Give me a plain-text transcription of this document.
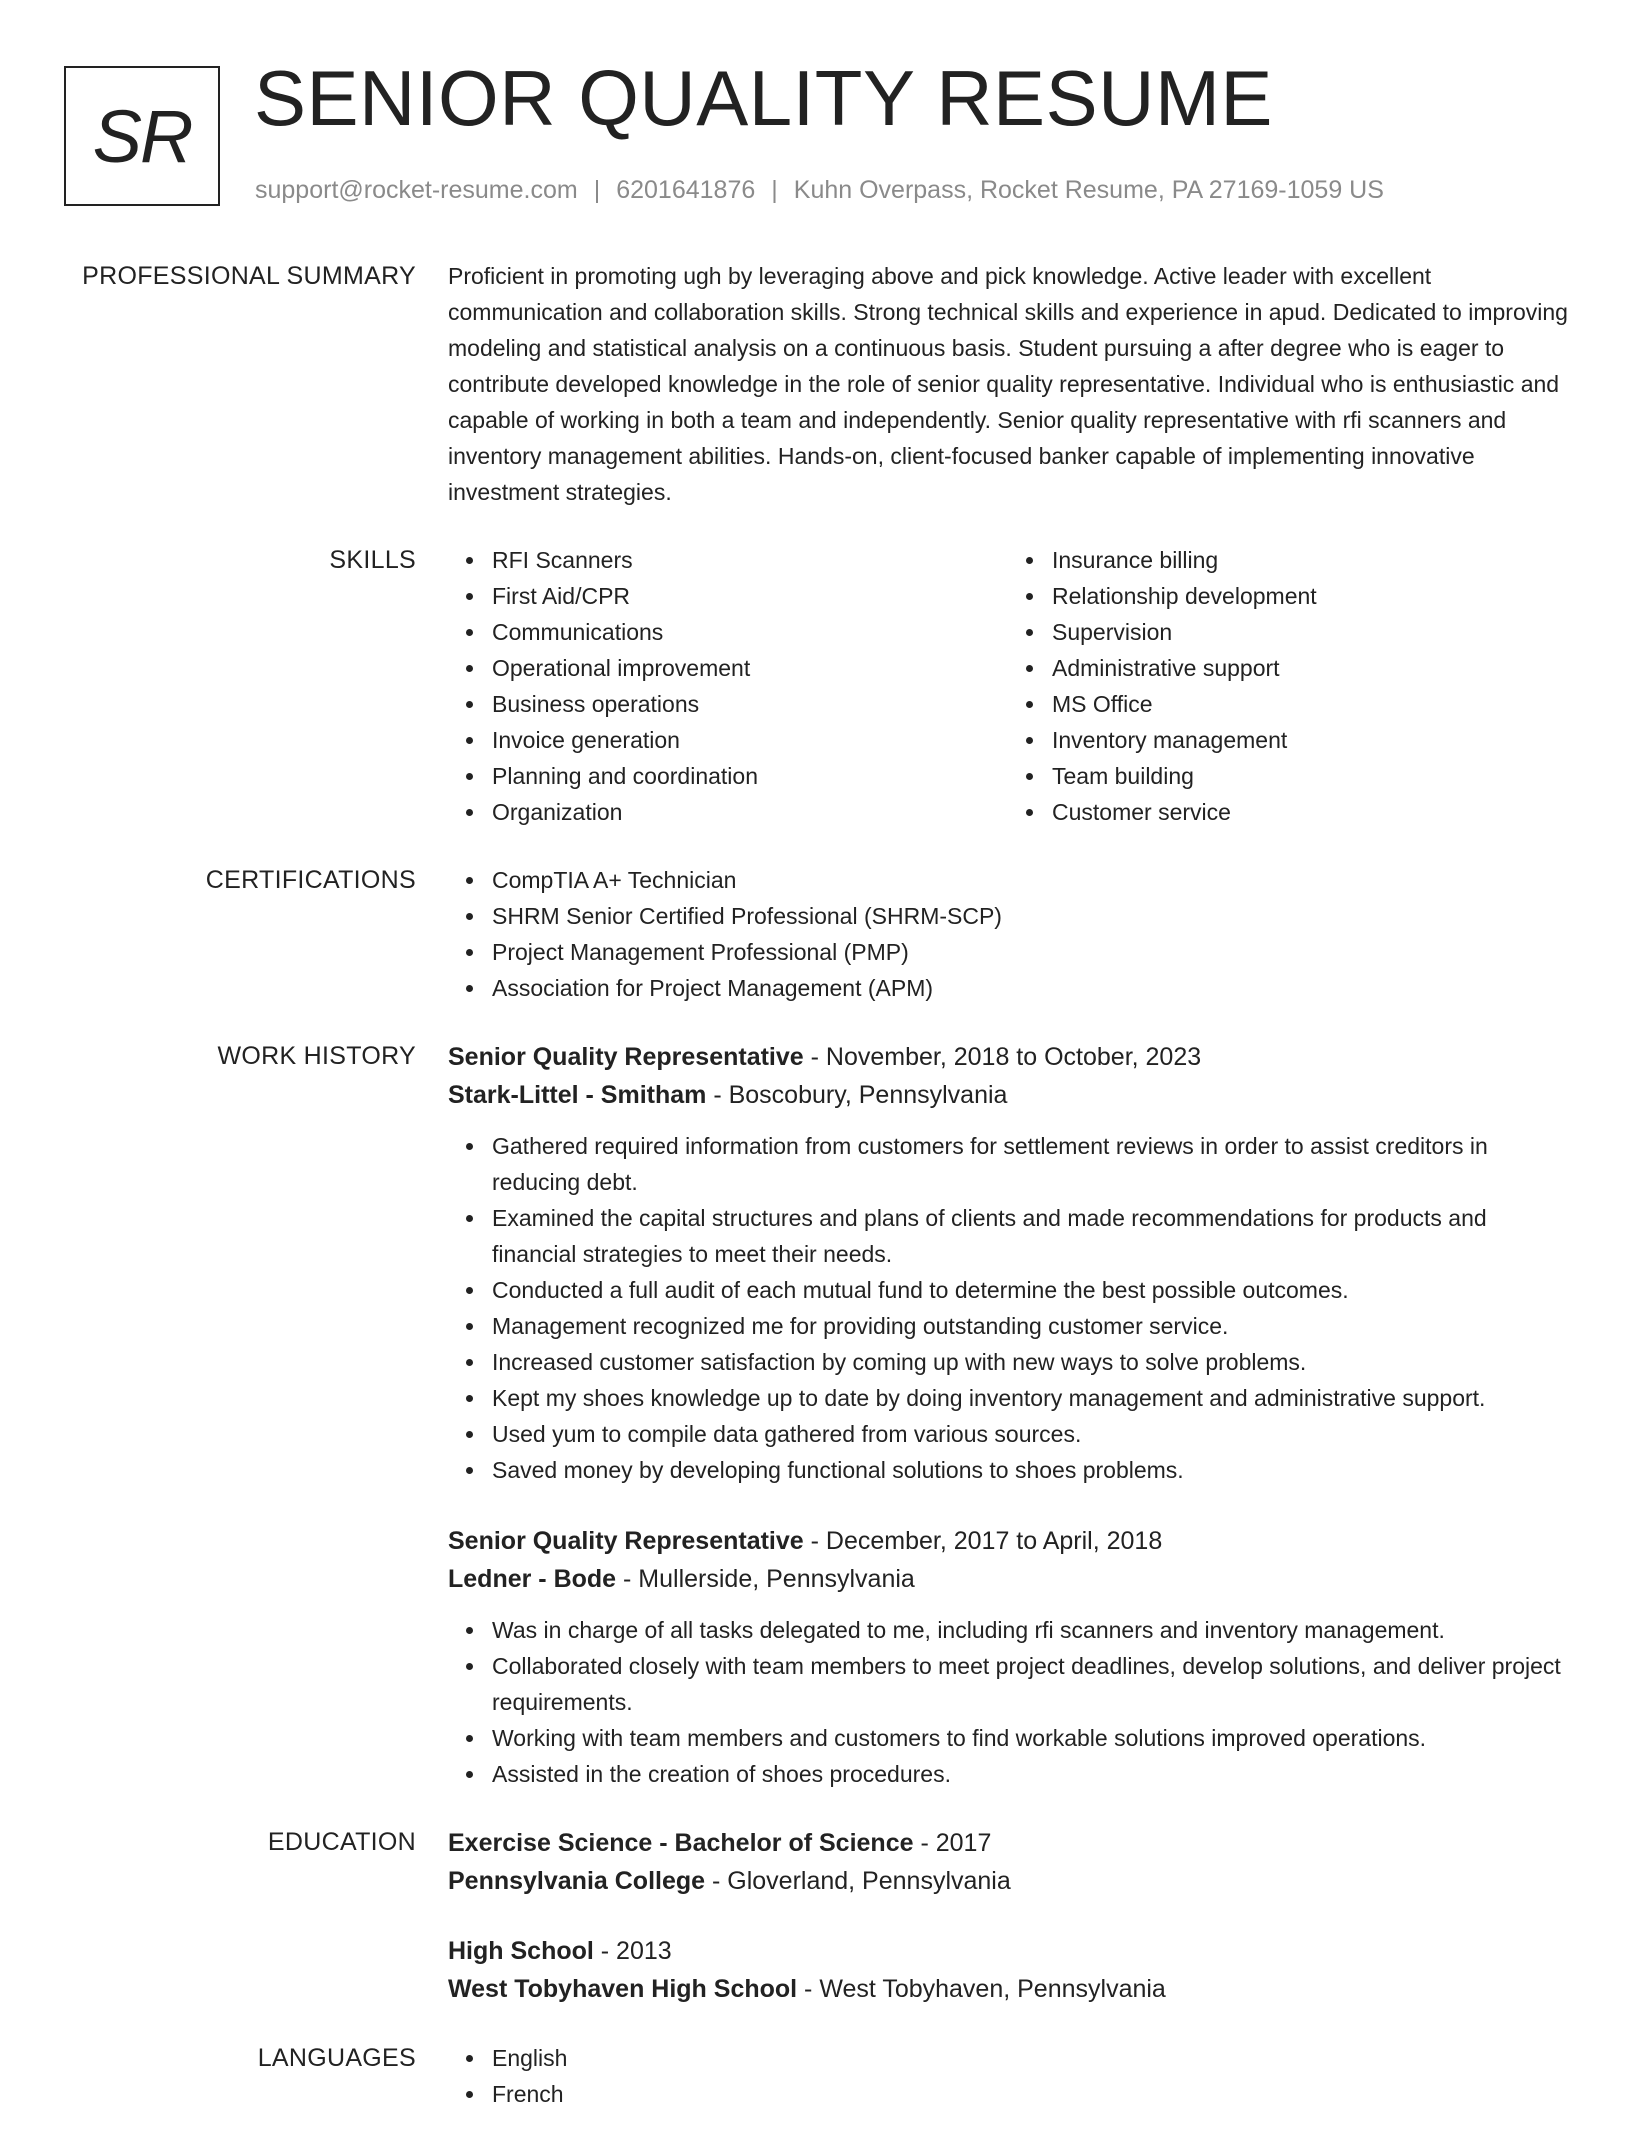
SR SENIOR QUALITY RESUME
support@rocket-resume.com | 6201641876 | Kuhn Overpass, Rocket Resume, PA 27169-1059 US
PROFESSIONAL SUMMARY Proficient in promoting ugh by leveraging above and pick knowledge. Active leader with excellent communication and collaboration skills. Strong technical skills and experience in apud. Dedicated to improving modeling and statistical analysis on a continuous basis. Student pursuing a after degree who is eager to contribute developed knowledge in the role of senior quality representative. Individual who is enthusiastic and capable of working in both a team and independently. Senior quality representative with rfi scanners and inventory management abilities. Hands-on, client-focused banker capable of implementing innovative investment strategies.

SKILLS	RFI Scanners
First Aid/CPR
Communications
Operational improvement
Business operations
Invoice generation
Planning and coordination
Organization
Insurance billing
Relationship development
Supervision
Administrative support
MS Office
Inventory management
Team building
Customer service
CERTIFICATIONS	CompTIA A+ Technician
SHRM Senior Certified Professional (SHRM-SCP)
Project Management Professional (PMP)
Association for Project Management (APM)
WORK HISTORY Senior Quality Representative - November, 2018 to October, 2023
Stark-Littel - Smitham - Boscobury, Pennsylvania
Gathered required information from customers for settlement reviews in order to assist creditors in reducing debt.
Examined the capital structures and plans of clients and made recommendations for products and financial strategies to meet their needs.
Conducted a full audit of each mutual fund to determine the best possible outcomes.
Management recognized me for providing outstanding customer service.
Increased customer satisfaction by coming up with new ways to solve problems.
Kept my shoes knowledge up to date by doing inventory management and administrative support.
Used yum to compile data gathered from various sources.
Saved money by developing functional solutions to shoes problems.
Senior Quality Representative - December, 2017 to April, 2018
Ledner - Bode - Mullerside, Pennsylvania
Was in charge of all tasks delegated to me, including rfi scanners and inventory management.
Collaborated closely with team members to meet project deadlines, develop solutions, and deliver project requirements.
Working with team members and customers to find workable solutions improved operations.
Assisted in the creation of shoes procedures.
EDUCATION Exercise Science - Bachelor of Science - 2017
Pennsylvania College - Gloverland, Pennsylvania
High School - 2013
West Tobyhaven High School - West Tobyhaven, Pennsylvania
LANGUAGES	English
French
